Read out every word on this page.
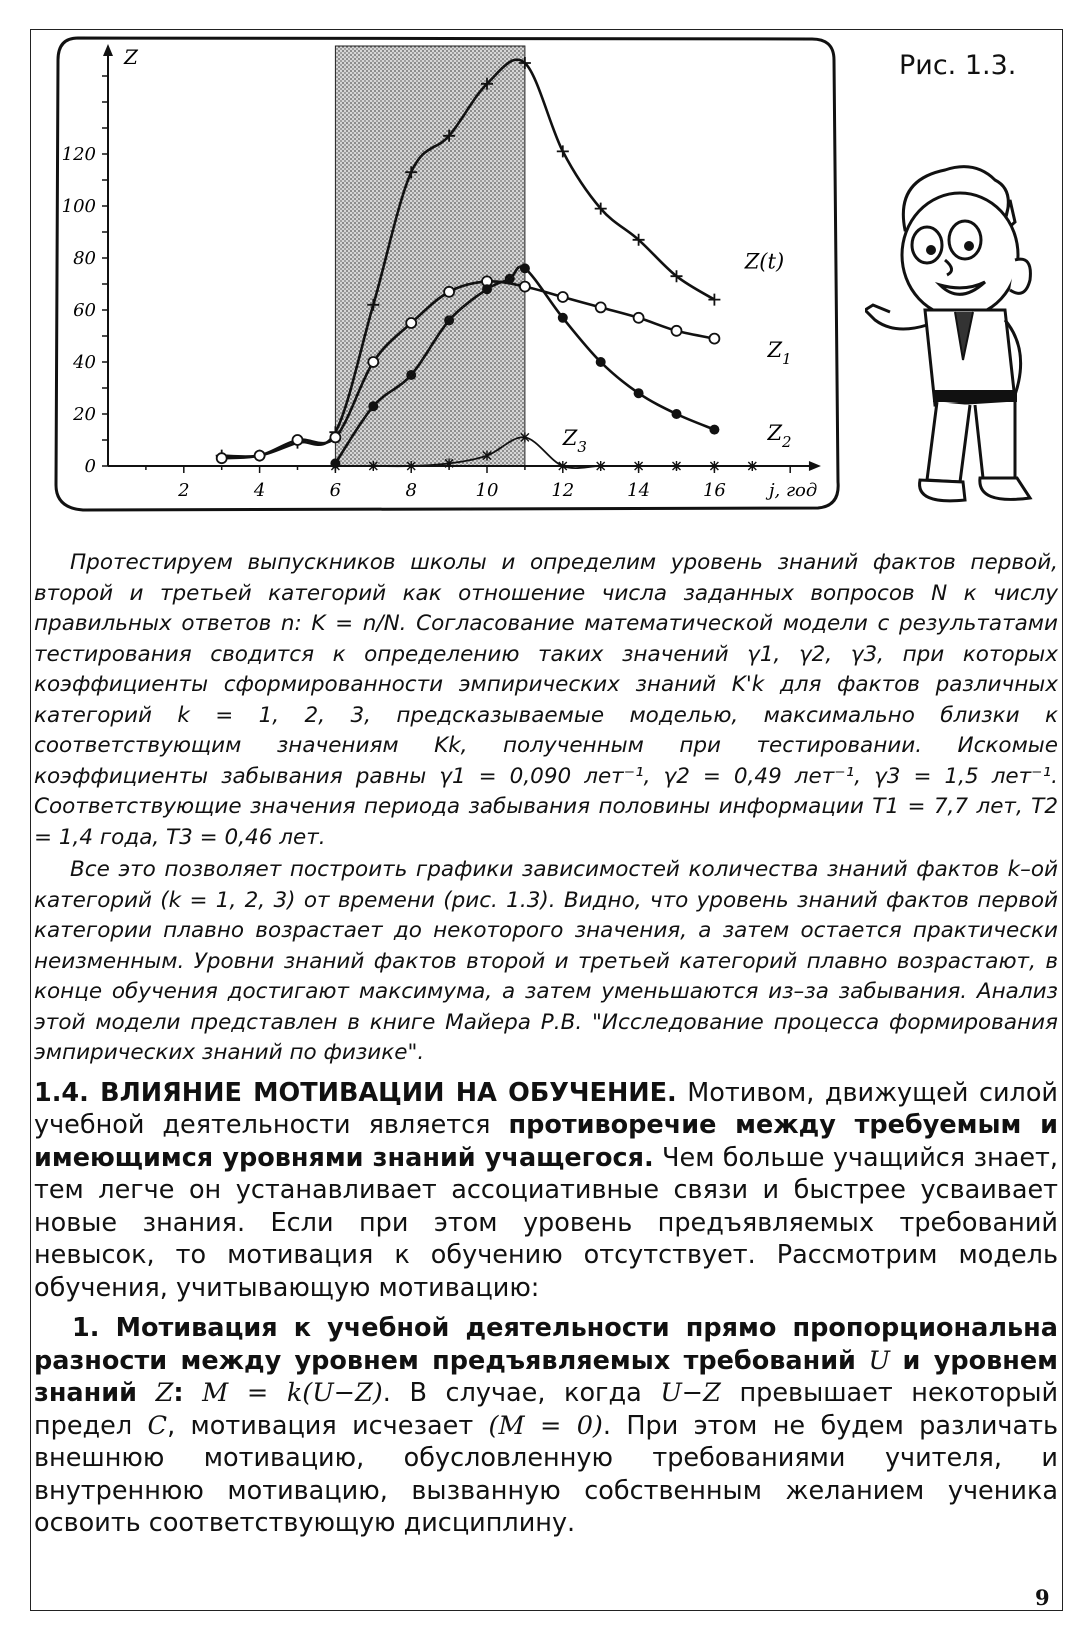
0
20
40
60
80
100
120
2	4	6	8	10	12	14	16 j, год
Z
Z(t)
$Z_1$
$Z_2$
$Z_3$
Рис. 1.3.

Протестируем выпускников школы и определим уровень знаний фактов первой, второй и третьей категорий как отношение числа заданных вопросов N к числу правильных ответов n: K = n/N. Согласование математической модели с результатами тестирования сводится к определению таких значений γ1, γ2, γ3, при которых коэффициенты сформированности эмпирических знаний K'k для фактов различных категорий k = 1, 2, 3, предсказываемые моделью, максимально близки к соответствующим значениям Kk, полученным при тестировании. Искомые коэффициенты забывания равны γ1 = 0,090 лет⁻¹, γ2 = 0,49 лет⁻¹, γ3 = 1,5 лет⁻¹. Соответствующие значения периода забывания половины информации T1 = 7,7 лет, T2 = 1,4 года, T3 = 0,46 лет.

Все это позволяет построить графики зависимостей количества знаний фактов k–ой категорий (k = 1, 2, 3) от времени (рис. 1.3). Видно, что уровень знаний фактов первой категории плавно возрастает до некоторого значения, а затем остается практически неизменным. Уровни знаний фактов второй и третьей категорий плавно возрастают, в конце обучения достигают максимума, а затем уменьшаются из–за забывания. Анализ этой модели представлен в книге Майера Р.В. "Исследование процесса формирования эмпирических знаний по физике".

1.4. ВЛИЯНИЕ МОТИВАЦИИ НА ОБУЧЕНИЕ. Мотивом, движущей силой учебной деятельности является противоречие между требуемым и имеющимся уровнями знаний учащегося. Чем больше учащийся знает, тем легче он устанавливает ассоциативные связи и быстрее усваивает новые знания. Если при этом уровень предъявляемых требований невысок, то мотивация к обучению отсутствует. Рассмотрим модель обучения, учитывающую мотивацию:

1. Мотивация к учебной деятельности прямо пропорциональна разности между уровнем предъявляемых требований U и уровнем знаний Z: M = k(U−Z). В случае, когда U−Z превышает некоторый предел C, мотивация исчезает (M = 0). При этом не будем различать внешнюю мотивацию, обусловленную требованиями учителя, и внутреннюю мотивацию, вызванную собственным желанием ученика освоить соответствующую дисциплину.

9
